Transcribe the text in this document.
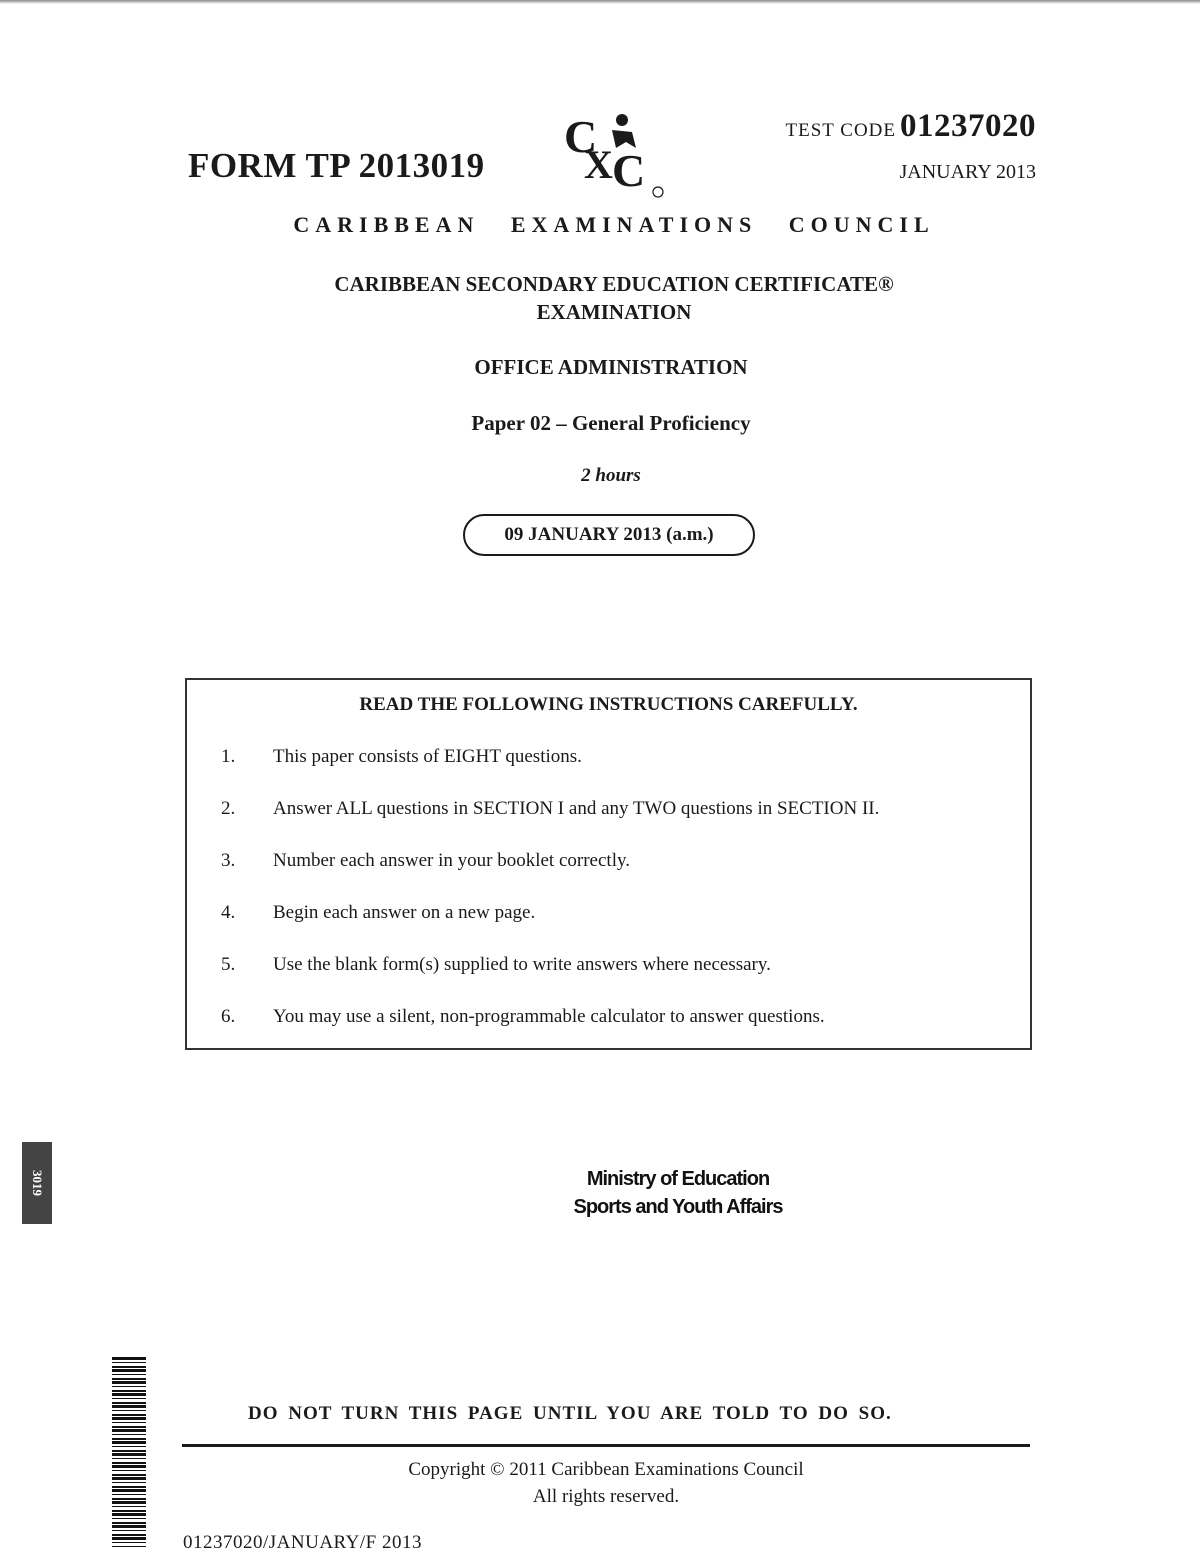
FORM TP 2013019
C
X C
TEST CODE 01237020
JANUARY 2013
CARIBBEAN EXAMINATIONS COUNCIL
CARIBBEAN SECONDARY EDUCATION CERTIFICATE®
EXAMINATION
OFFICE ADMINISTRATION
Paper 02 – General Proficiency
2 hours
09 JANUARY 2013 (a.m.)
READ THE FOLLOWING INSTRUCTIONS CAREFULLY.
1. This paper consists of EIGHT questions.
2. Answer ALL questions in SECTION I and any TWO questions in SECTION II.
3. Number each answer in your booklet correctly.
4. Begin each answer on a new page.
5. Use the blank form(s) supplied to write answers where necessary.
6. You may use a silent, non-programmable calculator to answer questions.
3019	Ministry of Education
Sports and Youth Affairs
DO NOT TURN THIS PAGE UNTIL YOU ARE TOLD TO DO SO.
Copyright © 2011 Caribbean Examinations Council
All rights reserved.
01237020/JANUARY/F 2013
